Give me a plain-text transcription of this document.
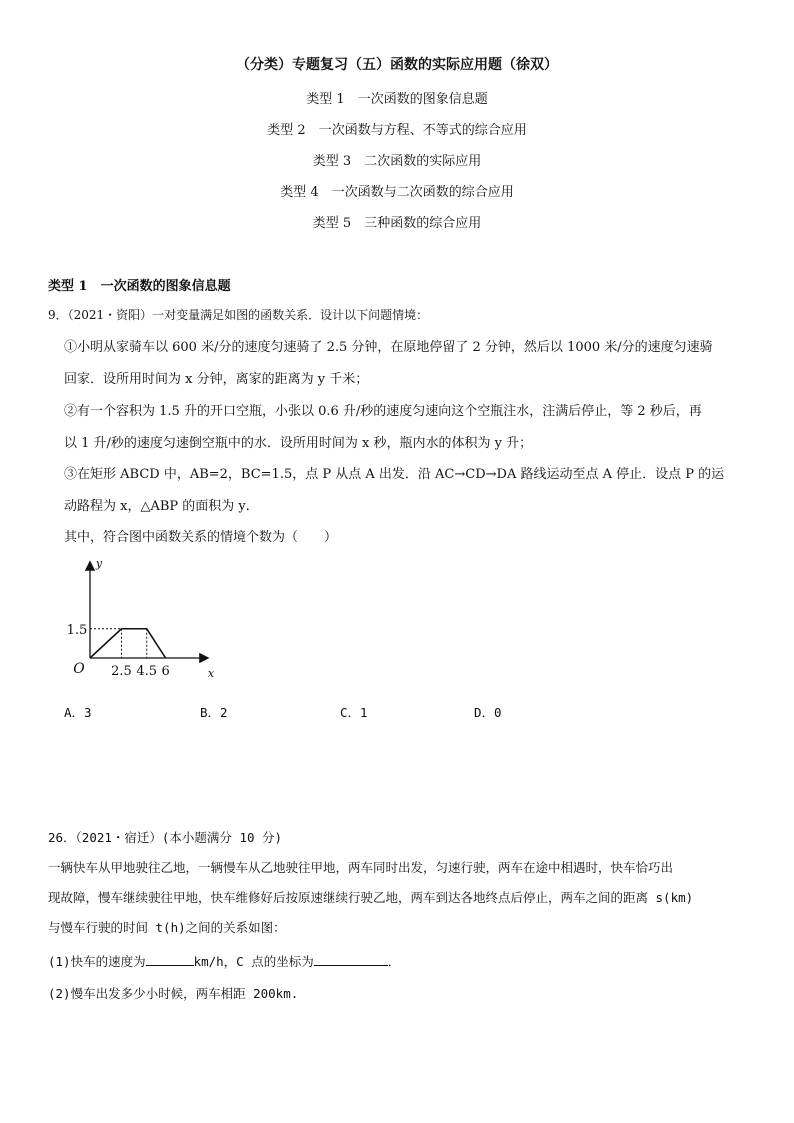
（分类）专题复习（五）函数的实际应用题（徐双）
类型 1　一次函数的图象信息题
类型 2　一次函数与方程、不等式的综合应用
类型 3　二次函数的实际应用
类型 4　一次函数与二次函数的综合应用
类型 5　三种函数的综合应用
类型 1　一次函数的图象信息题
9．（2021・资阳）一对变量满足如图的函数关系．设计以下问题情境：
①小明从家骑车以 600 米/分的速度匀速骑了 2.5 分钟，在原地停留了 2 分钟，然后以 1000 米/分的速度匀速骑
回家．设所用时间为 x 分钟，离家的距离为 y 千米；
②有一个容积为 1.5 升的开口空瓶，小张以 0.6 升/秒的速度匀速向这个空瓶注水，注满后停止，等 2 秒后，再
以 1 升/秒的速度匀速倒空瓶中的水．设所用时间为 x 秒，瓶内水的体积为 y 升；
③在矩形 ABCD 中，AB=2，BC=1.5，点 P 从点 A 出发．沿 AC→CD→DA 路线运动至点 A 停止．设点 P 的运
动路程为 x，△ABP 的面积为 y．
其中，符合图中函数关系的情境个数为（　　）
O
1.5
2.5 4.5 6	x
y
A．3	B．2	C．1	D．0
26．（2021・宿迁）(本小题满分 10 分)
一辆快车从甲地驶往乙地，一辆慢车从乙地驶往甲地，两车同时出发，匀速行驶，两车在途中相遇时，快车恰巧出
现故障，慢车继续驶往甲地，快车维修好后按原速继续行驶乙地，两车到达各地终点后停止，两车之间的距离 s(km)
与慢车行驶的时间 t(h)之间的关系如图：
(1)快车的速度为	km/h，C 点的坐标为	．
(2)慢车出发多少小时候，两车相距 200km.
